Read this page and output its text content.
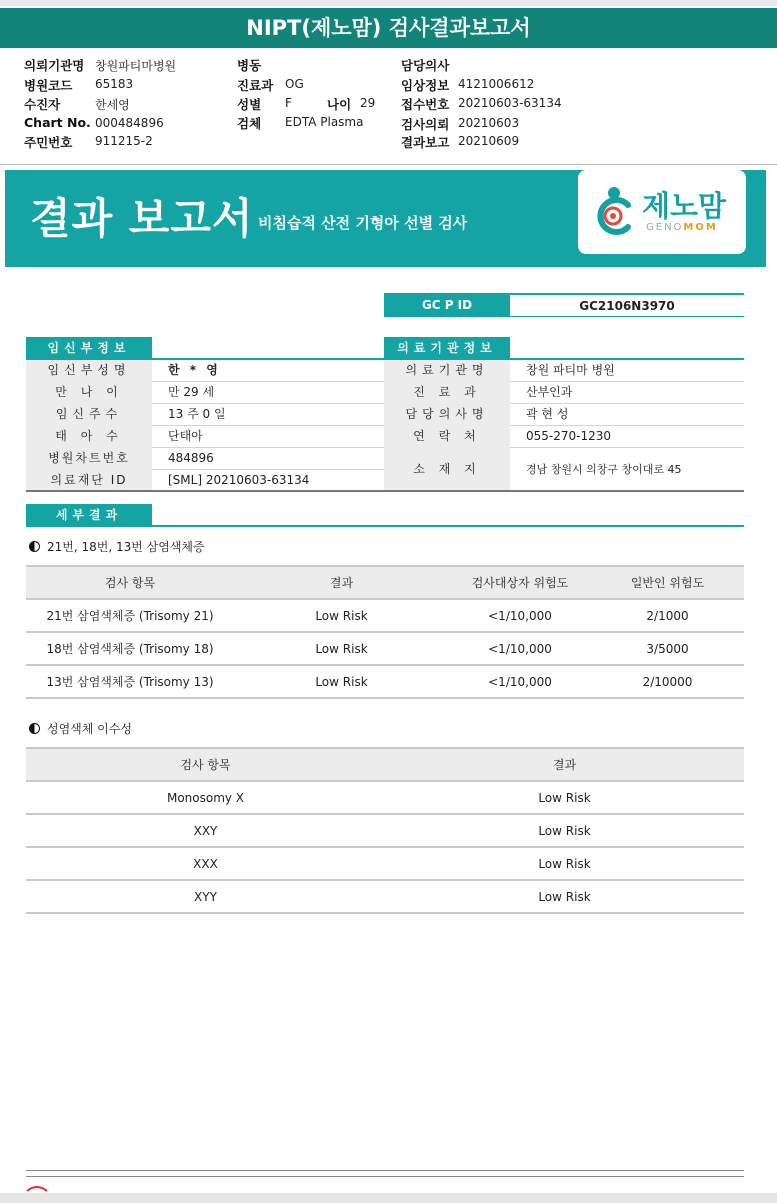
NIPT(제노맘) 검사결과보고서
의뢰기관명 창원파티마병원
병원코드 65183
수진자	한세영
Chart No. 000484896
주민번호 911215-2
병동
진료과 OG
성별 F	나이 29
검체 EDTA Plasma
담당의사
임상정보 4121006612
접수번호 20210603-63134
검사의뢰 20210603
결과보고 20210609
결과 보고서 비침습적 산전 기형아 선별 검사	제노맘
GENOMOM
GC P ID	GC2106N3970
임신부정보
임신부성명	한 * 영
만 나 이	만 29 세
임신주수	13 주 0 일
태 아 수	단태아
병원차트번호	484896
의료재단 ID	[SML] 20210603-63134
의료기관정보
의료기관명	창원 파티마 병원
진 료 과	산부인과
담당의사명	곽 현 성
연 락 처	055-270-1230
소 재 지	경남 창원시 의창구 창이대로 45
세부결과
21번, 18번, 13번 삼염색체증
검사 항목	결과	검사대상자 위험도	일반인 위험도
21번 삼염색체증 (Trisomy 21)	Low Risk	<1/10,000	2/1000
18번 삼염색체증 (Trisomy 18)	Low Risk	<1/10,000	3/5000
13번 삼염색체증 (Trisomy 13)	Low Risk	<1/10,000	2/10000
성염색체 이수성
검사 항목	결과
Monosomy X	Low Risk
XXY	Low Risk
XXX	Low Risk
XYY	Low Risk
